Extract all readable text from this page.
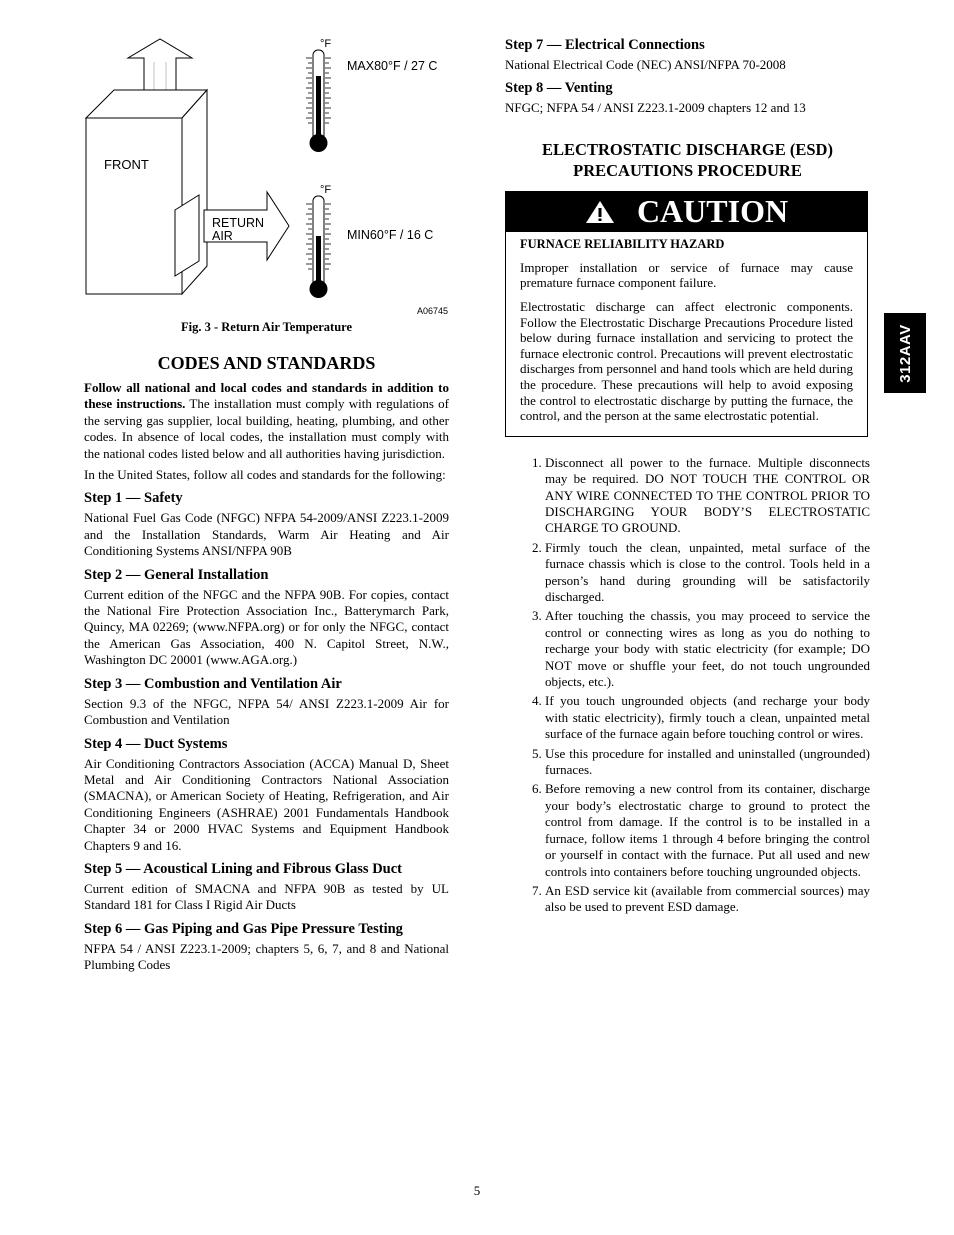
FRONT
RETURN
AIR
°F
°F
MAX80°F / 27 C
MIN60°F / 16 C
A06745
Fig. 3 - Return Air Temperature
CODES AND STANDARDS

Follow all national and local codes and standards in addition to these instructions. The installation must comply with regulations of the serving gas supplier, local building, heating, plumbing, and other codes. In absence of local codes, the installation must comply with the national codes listed below and all authorities having jurisdiction.

In the United States, follow all codes and standards for the following:

Step 1 — Safety

National Fuel Gas Code (NFGC) NFPA 54-2009/ANSI Z223.1-2009 and the Installation Standards, Warm Air Heating and Air Conditioning Systems ANSI/NFPA 90B

Step 2 — General Installation

Current edition of the NFGC and the NFPA 90B. For copies, contact the National Fire Protection Association Inc., Batterymarch Park, Quincy, MA 02269; (www.NFPA.org) or for only the NFGC, contact the American Gas Association, 400 N. Capitol Street, N.W., Washington DC 20001 (www.AGA.org.)

Step 3 — Combustion and Ventilation Air

Section 9.3 of the NFGC, NFPA 54/ ANSI Z223.1-2009 Air for Combustion and Ventilation

Step 4 — Duct Systems

Air Conditioning Contractors Association (ACCA) Manual D, Sheet Metal and Air Conditioning Contractors National Association (SMACNA), or American Society of Heating, Refrigeration, and Air Conditioning Engineers (ASHRAE) 2001 Fundamentals Handbook Chapter 34 or 2000 HVAC Systems and Equipment Handbook Chapters 9 and 16.

Step 5 — Acoustical Lining and Fibrous Glass Duct

Current edition of SMACNA and NFPA 90B as tested by UL Standard 181 for Class I Rigid Air Ducts

Step 6 — Gas Piping and Gas Pipe Pressure Testing

NFPA 54 / ANSI Z223.1-2009; chapters 5, 6, 7, and 8 and National Plumbing Codes

Step 7 — Electrical Connections

National Electrical Code (NEC) ANSI/NFPA 70-2008

Step 8 — Venting

NFGC; NFPA 54 / ANSI Z223.1-2009 chapters 12 and 13

ELECTROSTATIC DISCHARGE (ESD)
PRECAUTIONS PROCEDURE
CAUTION
FURNACE RELIABILITY HAZARD

Improper installation or service of furnace may cause premature furnace component failure.

Electrostatic discharge can affect electronic components. Follow the Electrostatic Discharge Precautions Procedure listed below during furnace installation and servicing to protect the furnace electronic control. Precautions will prevent electrostatic discharges from personnel and hand tools which are held during the procedure. These precautions will help to avoid exposing the control to electrostatic discharge by putting the furnace, the control, and the person at the same electrostatic potential.

1. Disconnect all power to the furnace. Multiple disconnects may be required. DO NOT TOUCH THE CONTROL OR ANY WIRE CONNECTED TO THE CONTROL PRIOR TO DISCHARGING YOUR BODY’S ELECTROSTATIC CHARGE TO GROUND.
2. Firmly touch the clean, unpainted, metal surface of the furnace chassis which is close to the control. Tools held in a person’s hand during grounding will be satisfactorily discharged.
3. After touching the chassis, you may proceed to service the control or connecting wires as long as you do nothing to recharge your body with static electricity (for example; DO NOT move or shuffle your feet, do not touch ungrounded objects, etc.).
4. If you touch ungrounded objects (and recharge your body with static electricity), firmly touch a clean, unpainted metal surface of the furnace again before touching control or wires.
5. Use this procedure for installed and uninstalled (ungrounded) furnaces.
6. Before removing a new control from its container, discharge your body’s electrostatic charge to ground to protect the control from damage. If the control is to be installed in a furnace, follow items 1 through 4 before bringing the control or yourself in contact with the furnace. Put all used and new controls into containers before touching ungrounded objects.
7. An ESD service kit (available from commercial sources) may also be used to prevent ESD damage.
312AAV
5
